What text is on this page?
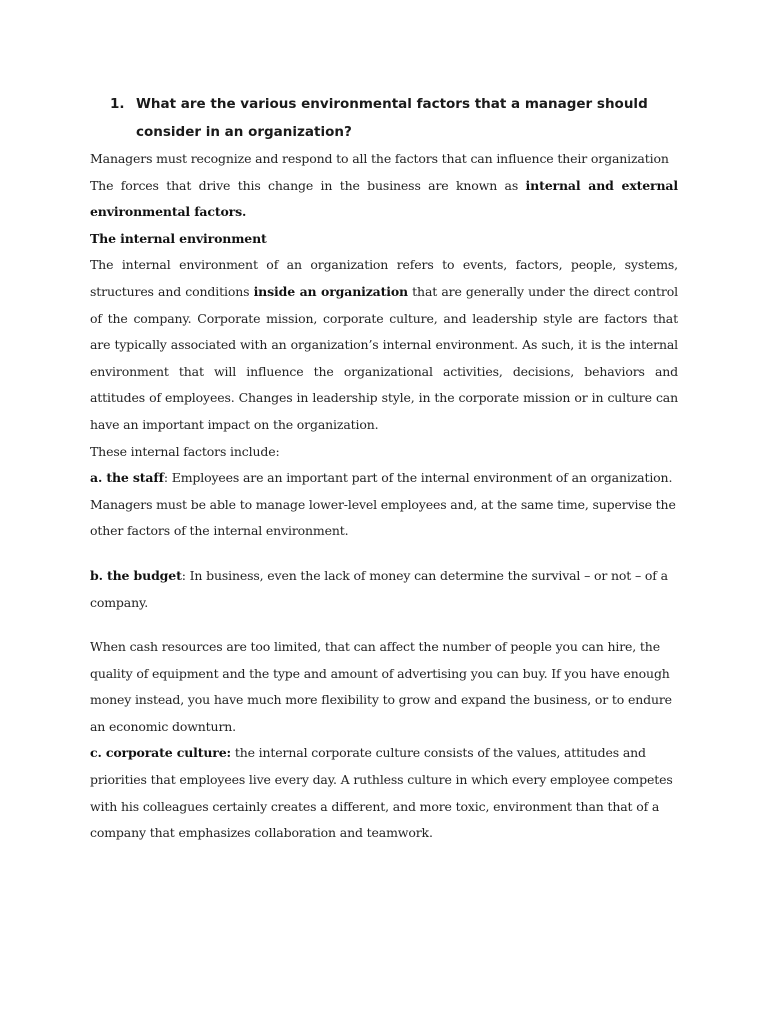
1. What are the various environmental factors that a manager should consider in an organization?

Managers must recognize and respond to all the factors that can influence their organization

The forces that drive this change in the business are known as internal and external environmental factors.

The internal environment

The internal environment of an organization refers to events, factors, people, systems, structures and conditions inside an organization that are generally under the direct control of the company. Corporate mission, corporate culture, and leadership style are factors that are typically associated with an organization’s internal environment. As such, it is the internal environment that will influence the organizational activities, decisions, behaviors and attitudes of employees. Changes in leadership style, in the corporate mission or in culture can have an important impact on the organization.

These internal factors include:

a. the staff: Employees are an important part of the internal environment of an organization. Managers must be able to manage lower-level employees and, at the same time, supervise the other factors of the internal environment.

b. the budget: In business, even the lack of money can determine the survival – or not – of a company.

When cash resources are too limited, that can affect the number of people you can hire, the quality of equipment and the type and amount of advertising you can buy. If you have enough money instead, you have much more flexibility to grow and expand the business, or to endure an economic downturn.

c. corporate culture: the internal corporate culture consists of the values, attitudes and priorities that employees live every day. A ruthless culture in which every employee competes with his colleagues certainly creates a different, and more toxic, environment than that of a company that emphasizes collaboration and teamwork.
